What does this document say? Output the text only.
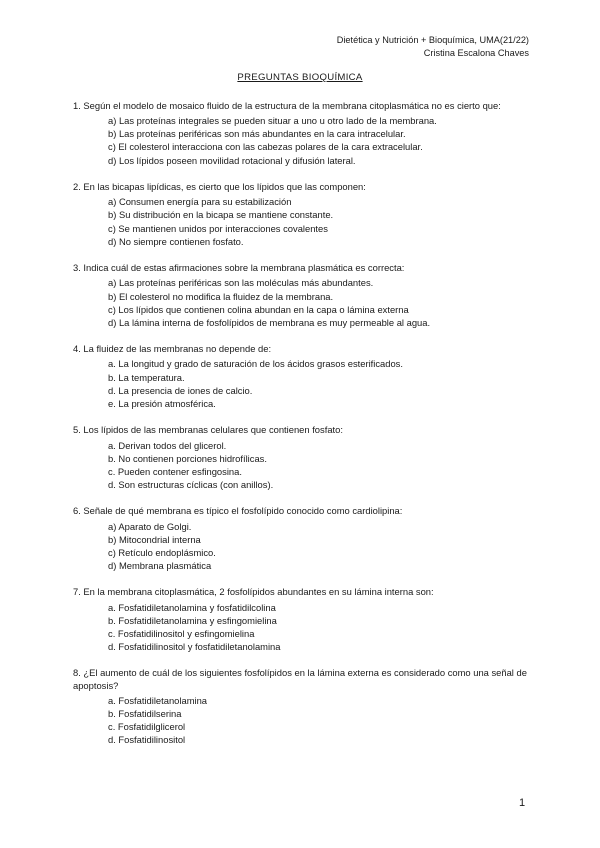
Dietética y Nutrición + Bioquímica, UMA(21/22)
Cristina Escalona Chaves
PREGUNTAS BIOQUÍMICA
1. Según el modelo de mosaico fluido de la estructura de la membrana citoplasmática no es cierto que:
a) Las proteínas integrales se pueden situar a uno u otro lado de la membrana.
b) Las proteínas periféricas son más abundantes en la cara intracelular.
c) El colesterol interacciona con las cabezas polares de la cara extracelular.
d) Los lípidos poseen movilidad rotacional y difusión lateral.
2. En las bicapas lipídicas, es cierto que los lípidos que las componen:
a) Consumen energía para su estabilización
b) Su distribución en la bicapa se mantiene constante.
c) Se mantienen unidos por interacciones covalentes
d) No siempre contienen fosfato.
3. Indica cuál de estas afirmaciones sobre la membrana plasmática es correcta:
a) Las proteínas periféricas son las moléculas más abundantes.
b) El colesterol no modifica la fluidez de la membrana.
c) Los lípidos que contienen colina abundan en la capa o lámina externa
d) La lámina interna de fosfolípidos de membrana es muy permeable al agua.
4. La fluidez de las membranas no depende de:
a. La longitud y grado de saturación de los ácidos grasos esterificados.
b. La temperatura.
d. La presencia de iones de calcio.
e. La presión atmosférica.
5. Los lípidos de las membranas celulares que contienen fosfato:
a. Derivan todos del glicerol.
b. No contienen porciones hidrofílicas.
c. Pueden contener esfingosina.
d. Son estructuras cíclicas (con anillos).
6. Señale de qué membrana es típico el fosfolípido conocido como cardiolipina:
a) Aparato de Golgi.
b) Mitocondrial interna
c) Retículo endoplásmico.
d) Membrana plasmática
7. En la membrana citoplasmática, 2 fosfolípidos abundantes en su lámina interna son:
a. Fosfatidiletanolamina y fosfatidilcolina
b. Fosfatidiletanolamina y esfingomielina
c. Fosfatidilinositol y esfingomielina
d. Fosfatidilinositol y fosfatidiletanolamina
8. ¿El aumento de cuál de los siguientes fosfolípidos en la lámina externa es considerado como una señal de apoptosis?
a. Fosfatidiletanolamina
b. Fosfatidilserina
c. Fosfatidilglicerol
d. Fosfatidilinositol
1
